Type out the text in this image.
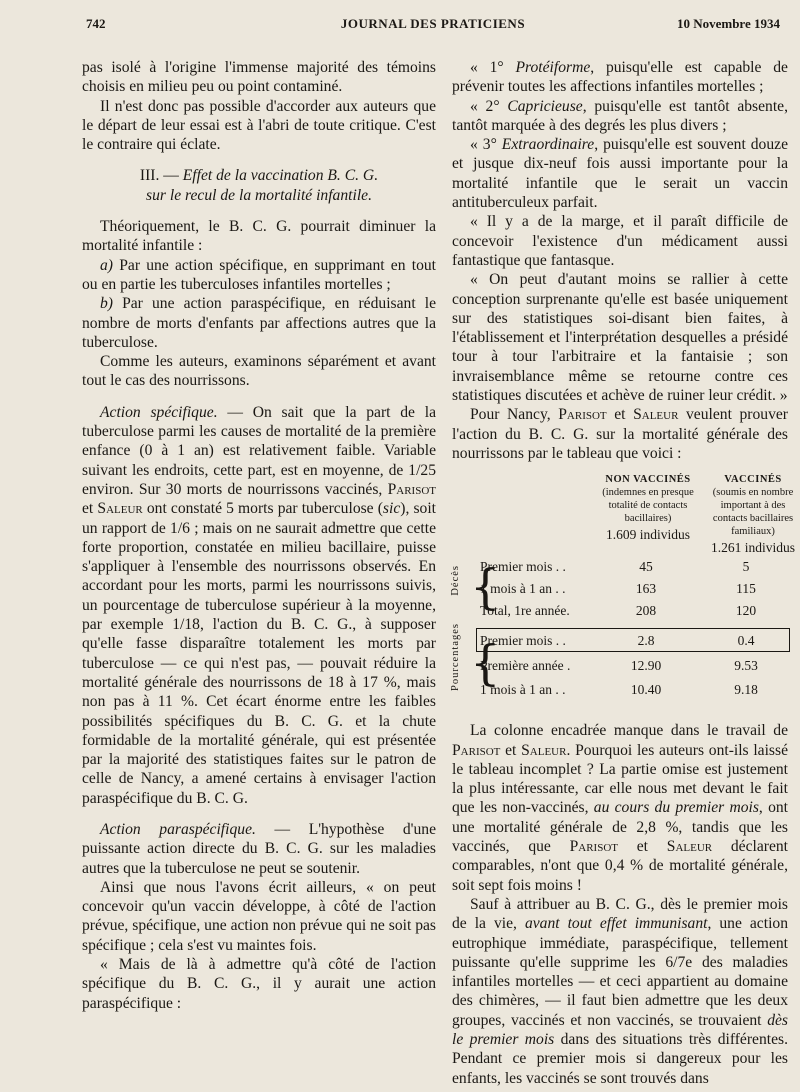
742	JOURNAL DES PRATICIENS	10 Novembre 1934

pas isolé à l'origine l'immense majorité des témoins choisis en milieu peu ou point contaminé.

Il n'est donc pas possible d'accorder aux auteurs que le départ de leur essai est à l'abri de toute critique. C'est le contraire qui éclate.

III. — Effet de la vaccination B. C. G.
sur le recul de la mortalité infantile.

Théoriquement, le B. C. G. pourrait diminuer la mortalité infantile :

a) Par une action spécifique, en supprimant en tout ou en partie les tuberculoses infantiles mortelles ;

b) Par une action paraspécifique, en réduisant le nombre de morts d'enfants par affections autres que la tuberculose.

Comme les auteurs, examinons séparément et avant tout le cas des nourrissons.

Action spécifique. — On sait que la part de la tuberculose parmi les causes de mortalité de la première enfance (0 à 1 an) est relativement faible. Variable suivant les endroits, cette part, est en moyenne, de 1/25 environ. Sur 30 morts de nourrissons vaccinés, Parisot et Saleur ont constaté 5 morts par tuberculose (sic), soit un rapport de 1/6 ; mais on ne saurait admettre que cette forte proportion, constatée en milieu bacillaire, puisse s'appliquer à l'ensemble des nourrissons observés. En accordant pour les morts, parmi les nourrissons suivis, un pourcentage de tuberculose supérieur à la moyenne, par exemple 1/18, l'action du B. C. G., à supposer qu'elle fasse disparaître totalement les morts par tuberculose — ce qui n'est pas, — pouvait réduire la mortalité générale des nourrissons de 18 à 17 %, mais non pas à 11 %. Cet écart énorme entre les faibles possibilités spécifiques du B. C. G. et la chute formidable de la mortalité générale, qui est présentée par la majorité des statistiques faites sur le patron de celle de Nancy, a amené certains à envisager l'action paraspécifique du B. C. G.

Action paraspécifique. — L'hypothèse d'une puissante action directe du B. C. G. sur les maladies autres que la tuberculose ne peut se soutenir.

Ainsi que nous l'avons écrit ailleurs, « on peut concevoir qu'un vaccin développe, à côté de l'action prévue, spécifique, une action non prévue qui ne soit pas spécifique ; cela s'est vu maintes fois.

« Mais de là à admettre qu'à côté de l'action spécifique du B. C. G., il y aurait une action paraspécifique :

« 1° Protéiforme, puisqu'elle est capable de prévenir toutes les affections infantiles mortelles ;

« 2° Capricieuse, puisqu'elle est tantôt absente, tantôt marquée à des degrés les plus divers ;

« 3° Extraordinaire, puisqu'elle est souvent douze et jusque dix-neuf fois aussi importante pour la mortalité infantile que le serait un vaccin antituberculeux parfait.

« Il y a de la marge, et il paraît difficile de concevoir l'existence d'un médicament aussi fantastique que fantasque.

« On peut d'autant moins se rallier à cette conception surprenante qu'elle est basée uniquement sur des statistiques soi-disant bien faites, à l'établissement et l'interprétation desquelles a présidé tour à tour l'arbitraire et la fantaisie ; son invraisemblance même se retourne contre ces statistiques discutées et achève de ruiner leur crédit. »

Pour Nancy, Parisot et Saleur veulent prouver l'action du B. C. G. sur la mortalité générale des nourrissons par le tableau que voici :

NON VACCINÉS
(indemnes en presque totalité de contacts bacillaires)
1.609 individus
VACCINÉS
(soumis en nombre important à des contacts bacillaires familiaux)
1.261 individus
Décès {
Premier mois . .	45	5
1 mois à 1 an . .	163	115
Total, 1re année.	208	120
Pourcentages {
Premier mois . .	2.8	0.4
Première année .	12.90	9.53
1 mois à 1 an . .	10.40	9.18

La colonne encadrée manque dans le travail de Parisot et Saleur. Pourquoi les auteurs ont-ils laissé le tableau incomplet ? La partie omise est justement la plus intéressante, car elle nous met devant le fait que les non-vaccinés, au cours du premier mois, ont une mortalité générale de 2,8 %, tandis que les vaccinés, que Parisot et Saleur déclarent comparables, n'ont que 0,4 % de mortalité générale, soit sept fois moins !

Sauf à attribuer au B. C. G., dès le premier mois de la vie, avant tout effet immunisant, une action eutrophique immédiate, paraspécifique, tellement puissante qu'elle supprime les 6/7e des maladies infantiles mortelles — et ceci appartient au domaine des chimères, — il faut bien admettre que les deux groupes, vaccinés et non vaccinés, se trouvaient dès le premier mois dans des situations très différentes. Pendant ce premier mois si dangereux pour les enfants, les vaccinés se sont trouvés dans
